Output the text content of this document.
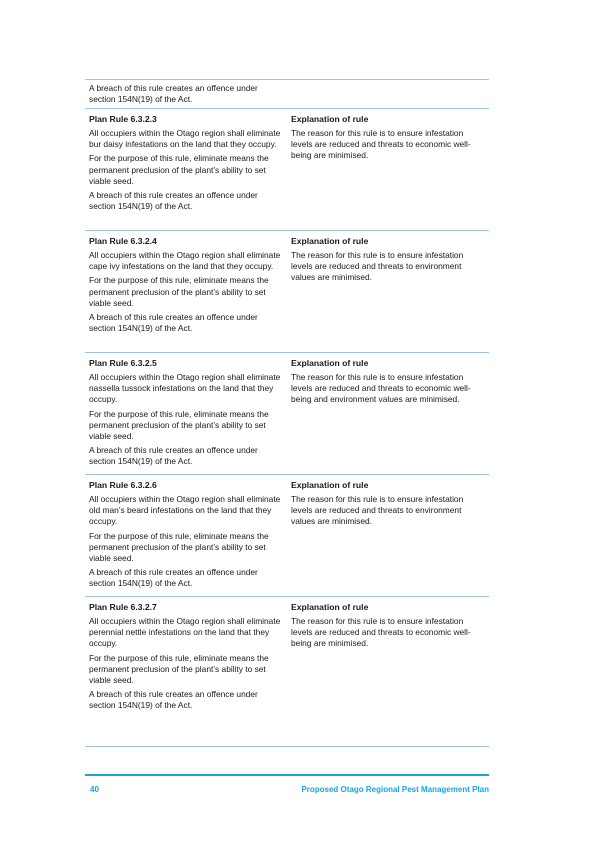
A breach of this rule creates an offence under section 154N(19) of the Act.

Plan Rule 6.3.2.3

All occupiers within the Otago region shall eliminate bur daisy infestations on the land that they occupy.

For the purpose of this rule, eliminate means the permanent preclusion of the plant’s ability to set viable seed.

A breach of this rule creates an offence under section 154N(19) of the Act.

Explanation of rule

The reason for this rule is to ensure infestation levels are reduced and threats to economic well-being are minimised.

Plan Rule 6.3.2.4

All occupiers within the Otago region shall eliminate cape ivy infestations on the land that they occupy.

For the purpose of this rule, eliminate means the permanent preclusion of the plant’s ability to set viable seed.

A breach of this rule creates an offence under section 154N(19) of the Act.

Explanation of rule

The reason for this rule is to ensure infestation levels are reduced and threats to environment values are minimised.

Plan Rule 6.3.2.5

All occupiers within the Otago region shall eliminate nassella tussock infestations on the land that they occupy.

For the purpose of this rule, eliminate means the permanent preclusion of the plant’s ability to set viable seed.

A breach of this rule creates an offence under section 154N(19) of the Act.

Explanation of rule

The reason for this rule is to ensure infestation levels are reduced and threats to economic well-being and environment values are minimised.

Plan Rule 6.3.2.6

All occupiers within the Otago region shall eliminate old man’s beard infestations on the land that they occupy.

For the purpose of this rule, eliminate means the permanent preclusion of the plant’s ability to set viable seed.

A breach of this rule creates an offence under section 154N(19) of the Act.

Explanation of rule

The reason for this rule is to ensure infestation levels are reduced and threats to environment values are minimised.

Plan Rule 6.3.2.7

All occupiers within the Otago region shall eliminate perennial nettle infestations on the land that they occupy.

For the purpose of this rule, eliminate means the permanent preclusion of the plant’s ability to set viable seed.

A breach of this rule creates an offence under section 154N(19) of the Act.

Explanation of rule

The reason for this rule is to ensure infestation levels are reduced and threats to economic well-being are minimised.

40	Proposed Otago Regional Pest Management Plan
